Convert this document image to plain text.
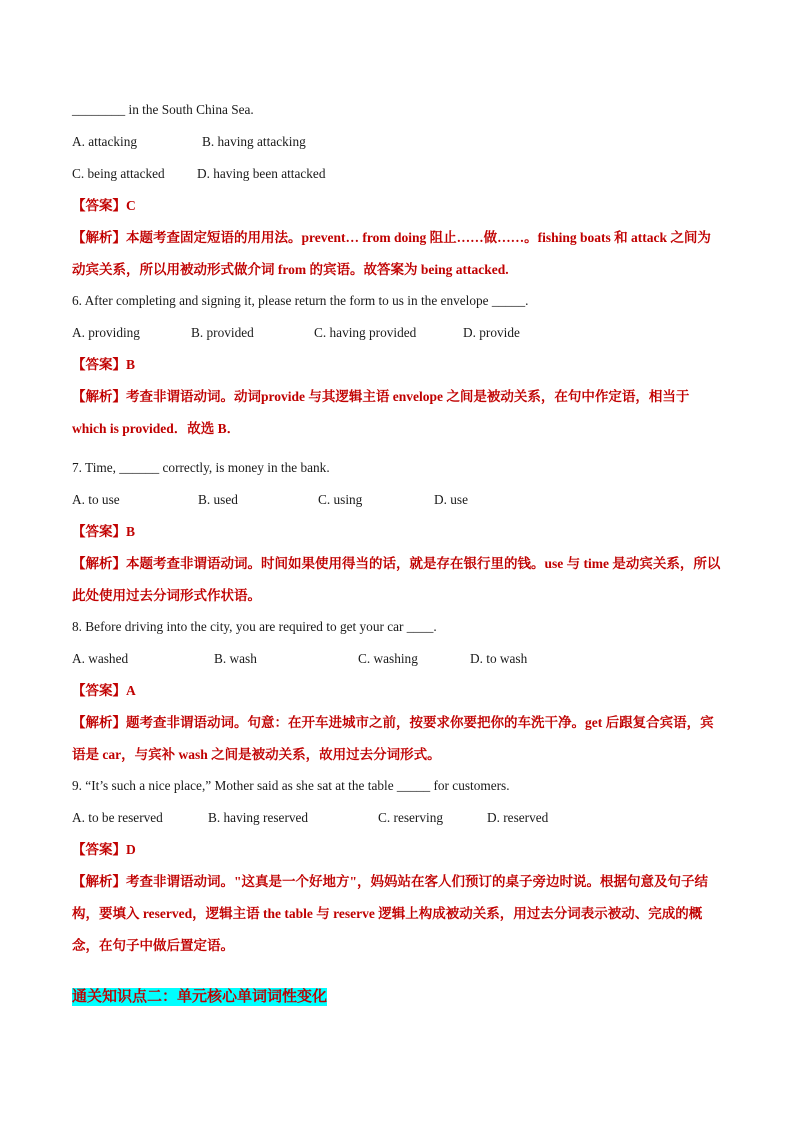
________ in the South China Sea.
A. attacking	B. having attacking
C. being attacked D. having been attacked
【答案】C
【解析】本题考查固定短语的用用法。prevent… from doing 阻止……做……。fishing boats 和 attack 之间为动宾关系，所以用被动形式做介词 from 的宾语。故答案为 being attacked.
6. After completing and signing it, please return the form to us in the envelope _____.
A. providing	B. provided	C. having provided	D. provide
【答案】B
【解析】考查非谓语动词。动词provide 与其逻辑主语 envelope 之间是被动关系，在句中作定语，相当于 which is provided．故选 B．
7. Time, ______ correctly, is money in the bank.
A. to use	B. used	C. using	D. use
【答案】B
【解析】本题考查非谓语动词。时间如果使用得当的话，就是存在银行里的钱。use 与 time 是动宾关系，所以此处使用过去分词形式作状语。
8. Before driving into the city, you are required to get your car ____.
A. washed	B. wash	C. washing	D. to wash
【答案】A
【解析】题考查非谓语动词。句意：在开车进城市之前，按要求你要把你的车洗干净。get 后跟复合宾语，宾语是 car，与宾补 wash 之间是被动关系，故用过去分词形式。
9. “It’s such a nice place,” Mother said as she sat at the table _____ for customers.
A. to be reserved	B. having reserved	C. reserving	D. reserved
【答案】D
【解析】考查非谓语动词。"这真是一个好地方"，妈妈站在客人们预订的桌子旁边时说。根据句意及句子结构，要填入 reserved，逻辑主语 the table 与 reserve 逻辑上构成被动关系，用过去分词表示被动、完成的概念，在句子中做后置定语。
通关知识点二：单元核心单词词性变化
